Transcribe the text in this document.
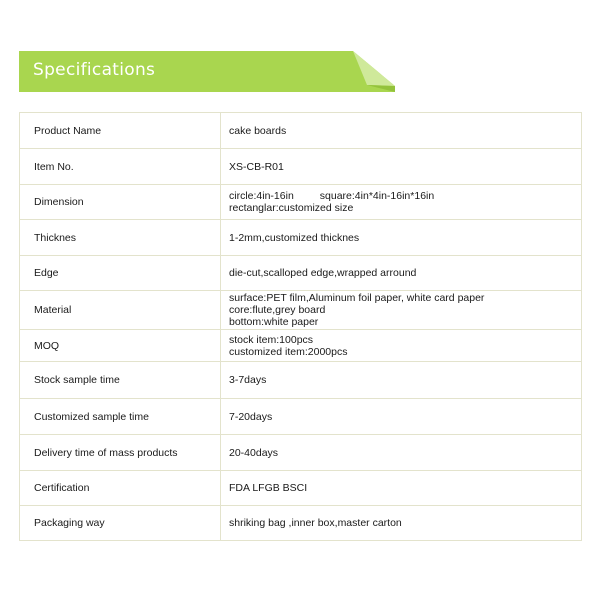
Specifications
Product Name	cake boards
Item No.	XS-CB-R01
Dimension	circle:4in-16in square:4in*4in-16in*16in
rectanglar:customized size

Thicknes	1-2mm,customized thicknes
Edge	die-cut,scalloped edge,wrapped arround
Material	surface:PET film,Aluminum foil paper, white card paper
core:flute,grey board
bottom:white paper

MOQ	stock item:100pcs
customized item:2000pcs

Stock sample time	3-7days
Customized sample time	7-20days
Delivery time of mass products	20-40days
Certification	FDA LFGB BSCI
Packaging way	shriking bag ,inner box,master carton
